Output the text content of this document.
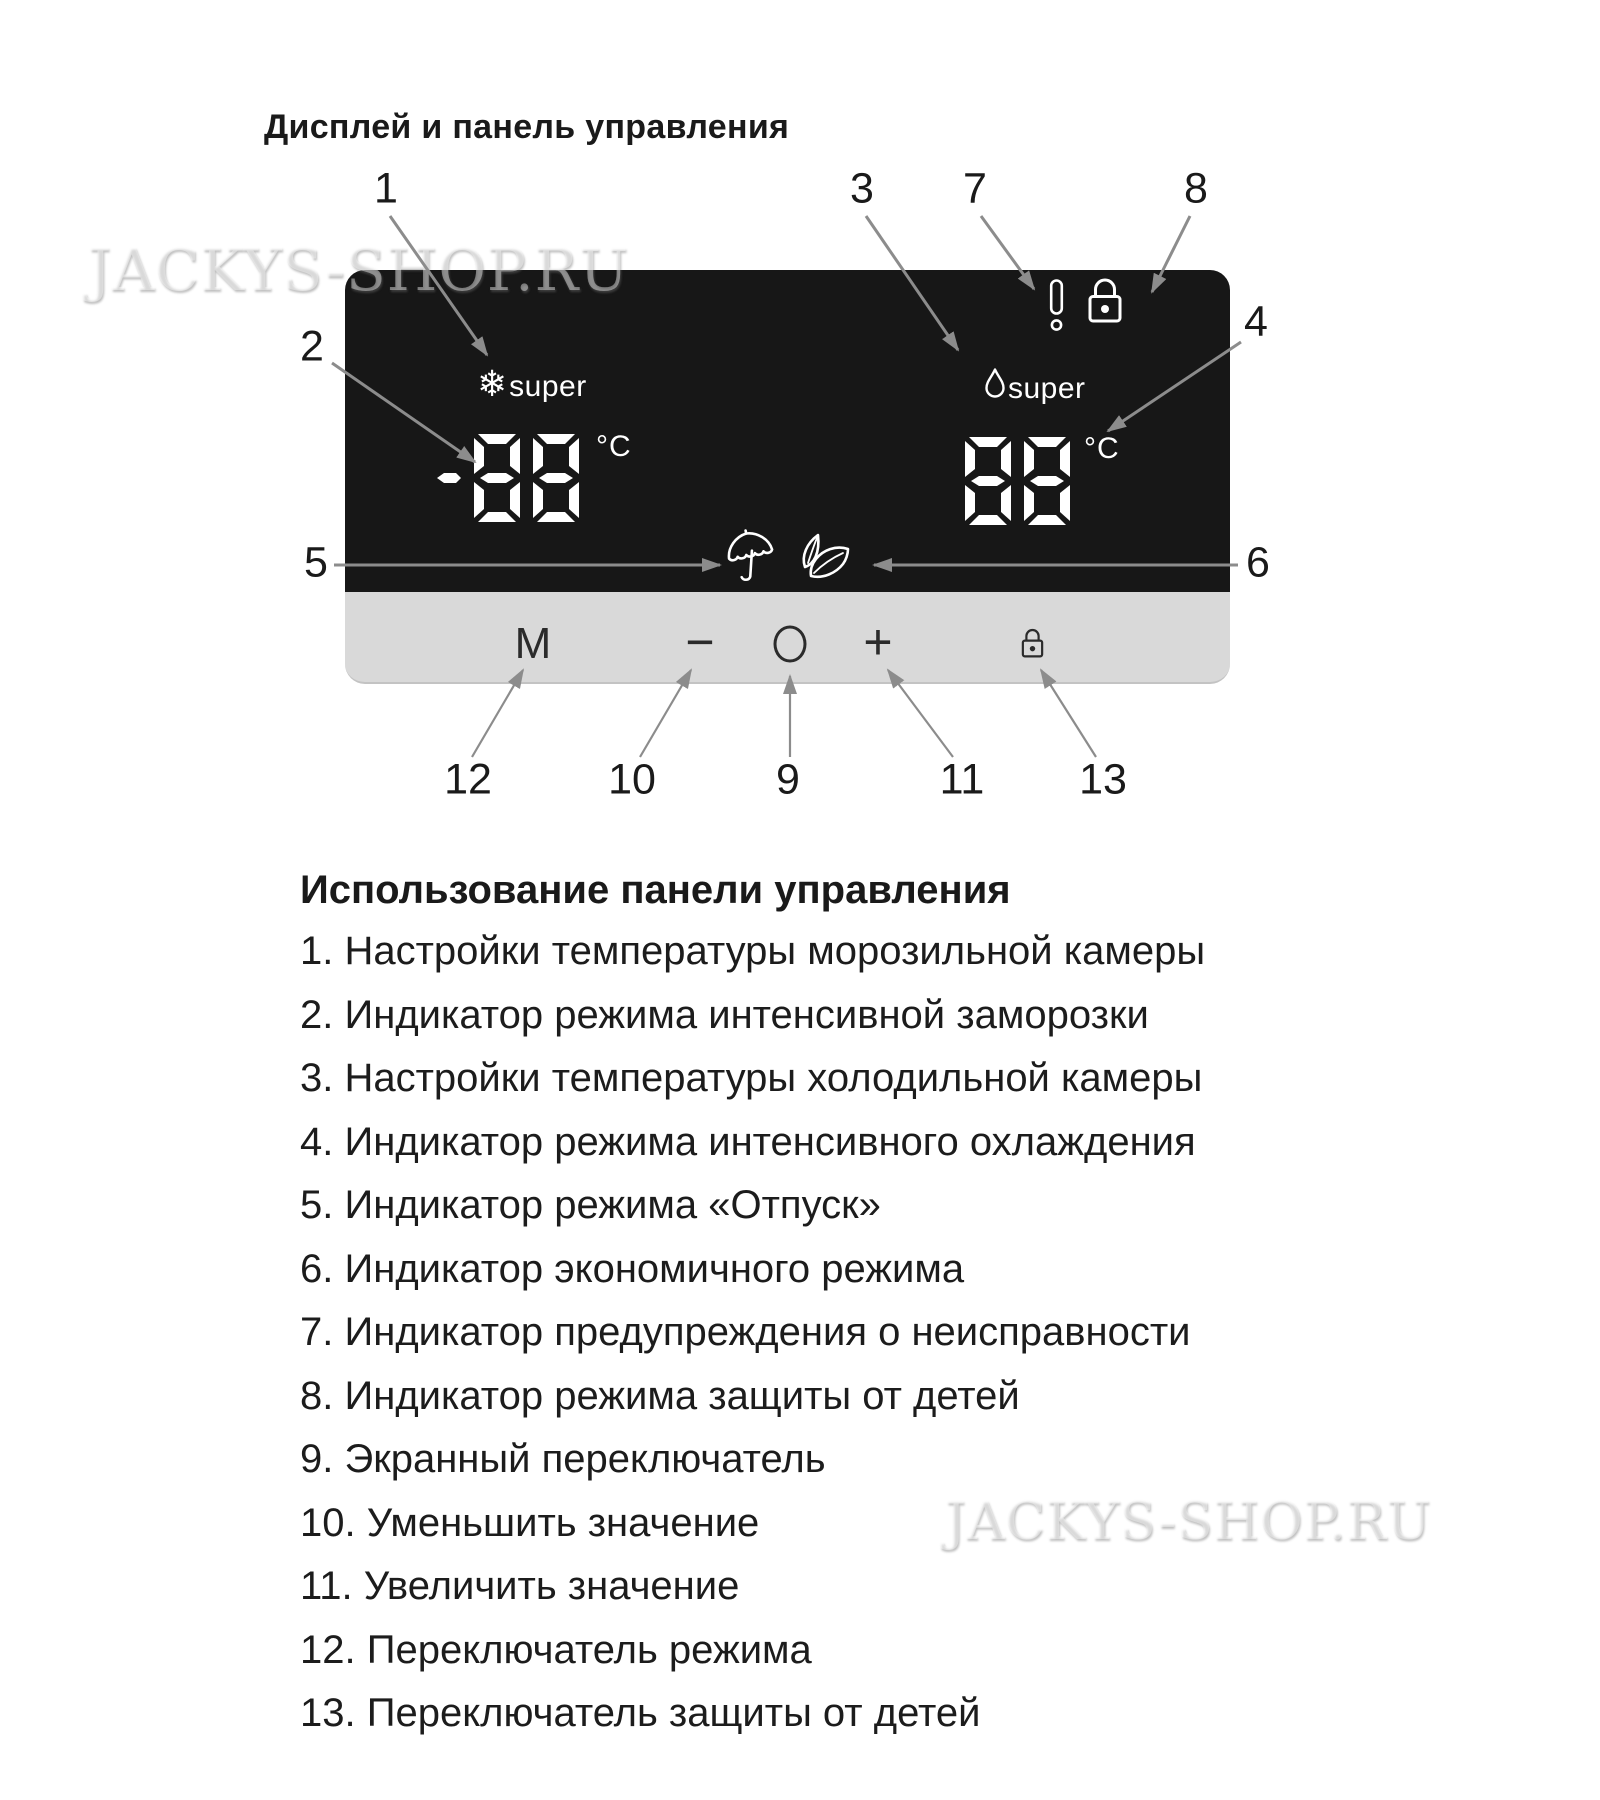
Дисплей и панель управления
JACKYS-SHOP.RU
JACKYS-SHOP.RU
❄ super
°C
super
°C
M	−	+
1
2
3
4
5	6
7	8
9
10	11
12	13
Использование панели управления
1. Настройки температуры морозильной камеры
2. Индикатор режима интенсивной заморозки
3. Настройки температуры холодильной камеры
4. Индикатор режима интенсивного охлаждения
5. Индикатор режима «Отпуск»
6. Индикатор экономичного режима
7. Индикатор предупреждения о неисправности
8. Индикатор режима защиты от детей
9. Экранный переключатель
10. Уменьшить значение
11. Увеличить значение
12. Переключатель режима
13. Переключатель защиты от детей
